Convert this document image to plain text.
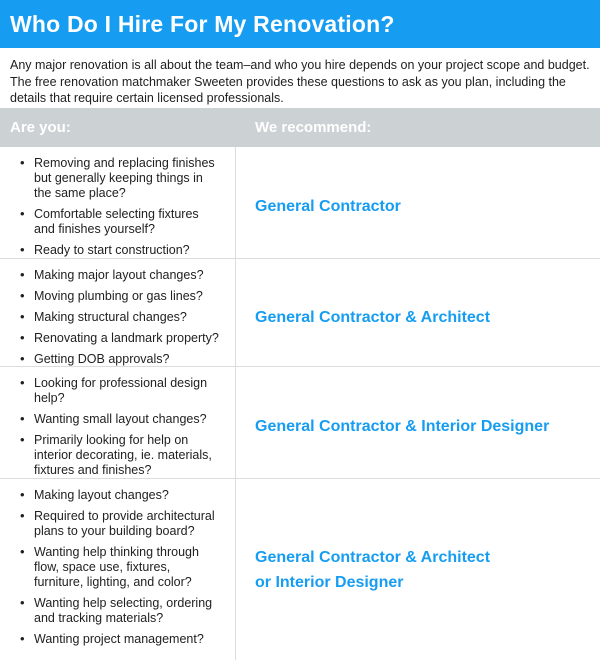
Who Do I Hire For My Renovation?
Any major renovation is all about the team–and who you hire depends on your project scope and budget.
The free renovation matchmaker Sweeten provides these questions to ask as you plan, including the details that require certain licensed professionals.
Are you:	We recommend:
• Removing and replacing finishes but generally keeping things in the same place?
• Comfortable selecting fixtures and finishes yourself?
• Ready to start construction?
General Contractor
• Making major layout changes?
• Moving plumbing or gas lines?
• Making structural changes?
• Renovating a landmark property?
• Getting DOB approvals?
General Contractor & Architect
• Looking for professional design help?
• Wanting small layout changes?
• Primarily looking for help on interior decorating, ie. materials, fixtures and finishes?
General Contractor & Interior Designer
• Making layout changes?
• Required to provide architectural plans to your building board?
• Wanting help thinking through flow, space use, fixtures, furniture, lighting, and color?
• Wanting help selecting, ordering and tracking materials?
• Wanting project management?
General Contractor & Architect
or Interior Designer
